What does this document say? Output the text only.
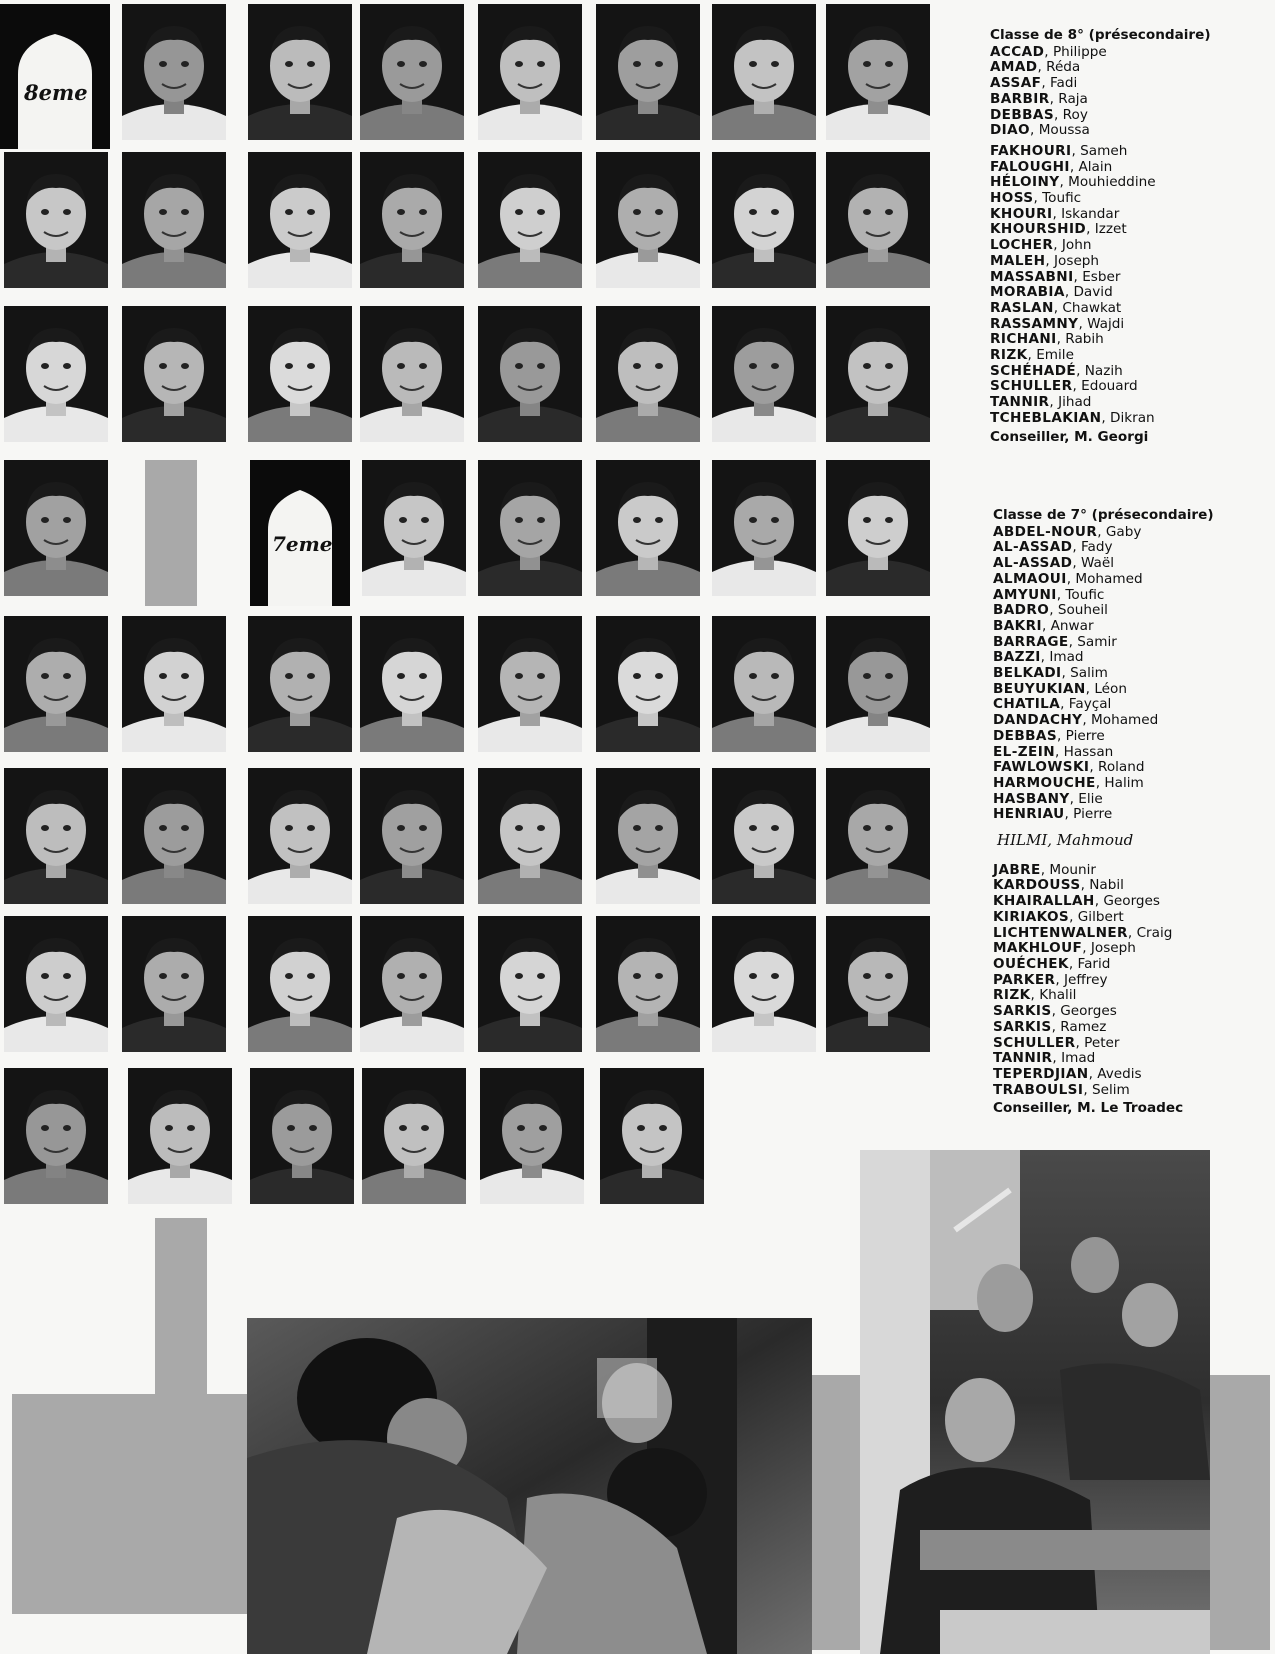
8eme
7eme
Classe de 8° (présecondaire)
ACCAD, Philippe
AMAD, Réda
ASSAF, Fadi
BARBIR, Raja
DEBBAS, Roy
DIAO, Moussa
FAKHOURI, Sameh
FALOUGHI, Alain
HÉLOINY, Mouhieddine
HOSS, Toufic
KHOURI, Iskandar
KHOURSHID, Izzet
LOCHER, John
MALEH, Joseph
MASSABNI, Esber
MORABIA, David
RASLAN, Chawkat
RASSAMNY, Wajdi
RICHANI, Rabih
RIZK, Emile
SCHÉHADÉ, Nazih
SCHULLER, Edouard
TANNIR, Jihad
TCHEBLAKIAN, Dikran
Conseiller, M. Georgi
Classe de 7° (présecondaire)
ABDEL-NOUR, Gaby
AL-ASSAD, Fady
AL-ASSAD, Waël
ALMAOUI, Mohamed
AMYUNI, Toufic
BADRO, Souheil
BAKRI, Anwar
BARRAGE, Samir
BAZZI, Imad
BELKADI, Salim
BEUYUKIAN, Léon
CHATILA, Fayçal
DANDACHY, Mohamed
DEBBAS, Pierre
EL-ZEIN, Hassan
FAWLOWSKI, Roland
HARMOUCHE, Halim
HASBANY, Elie
HENRIAU, Pierre
HILMI, Mahmoud
JABRE, Mounir
KARDOUSS, Nabil
KHAIRALLAH, Georges
KIRIAKOS, Gilbert
LICHTENWALNER, Craig
MAKHLOUF, Joseph
OUÉCHEK, Farid
PARKER, Jeffrey
RIZK, Khalil
SARKIS, Georges
SARKIS, Ramez
SCHULLER, Peter
TANNIR, Imad
TEPERDJIAN, Avedis
TRABOULSI, Selim
Conseiller, M. Le Troadec
